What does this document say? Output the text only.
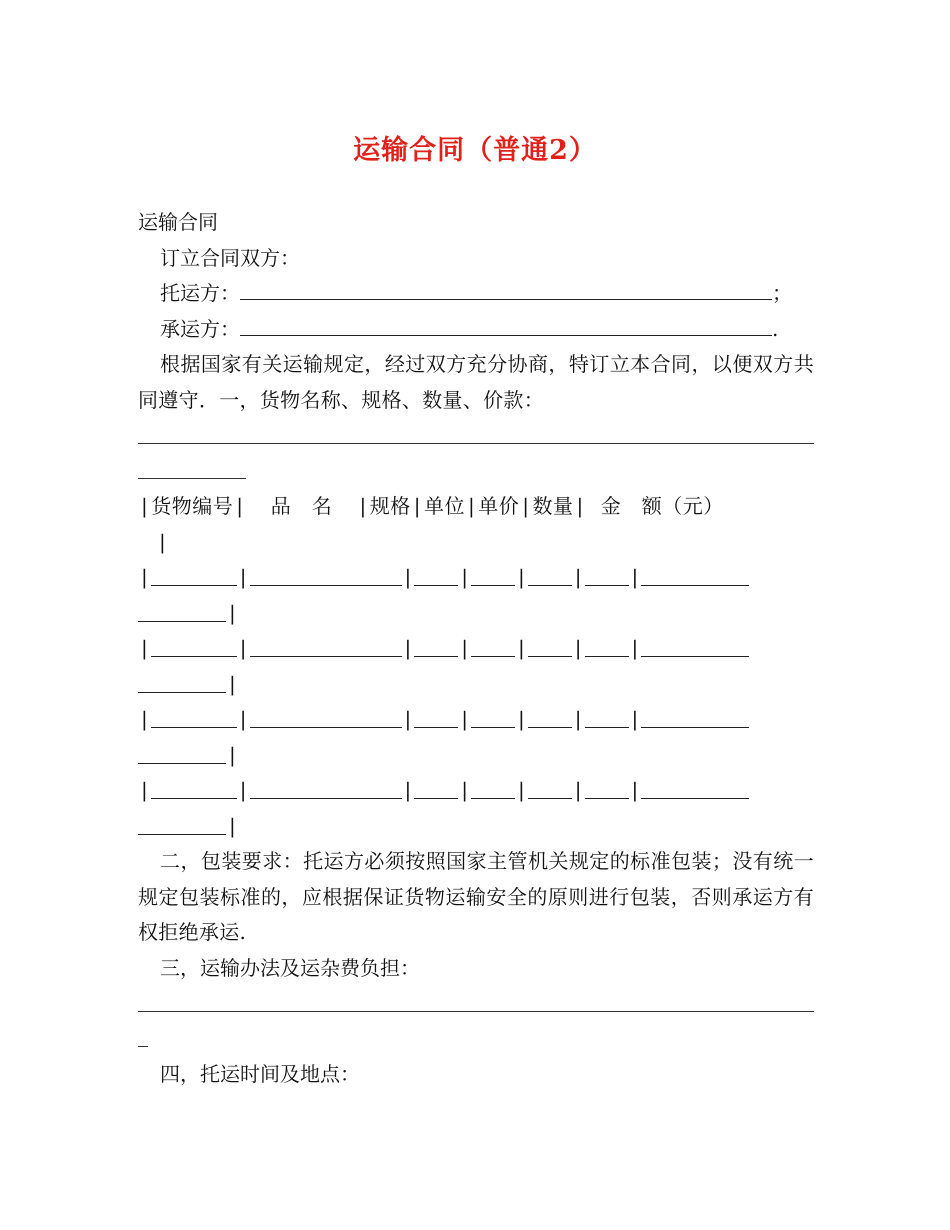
运输合同（普通2）
运输合同
订立合同双方：
托运方：	；
承运方：	.
根据国家有关运输规定，经过双方充分协商，特订立本合同，以便双方共同遵守．一，货物名称、规格、数量、价款：
| 货物编号 | 品　名 | 规格 | 单位 | 单价 | 数量 | 金　额（元）
|
|	|	|	|	|	|	|
|
|	|	|	|	|	|	|
|
|	|	|	|	|	|	|
|
|	|	|	|	|	|	|
|
二，包装要求：托运方必须按照国家主管机关规定的标准包装；没有统一规定包装标准的，应根据保证货物运输安全的原则进行包装，否则承运方有权拒绝承运.
三，运输办法及运杂费负担：
四，托运时间及地点：
